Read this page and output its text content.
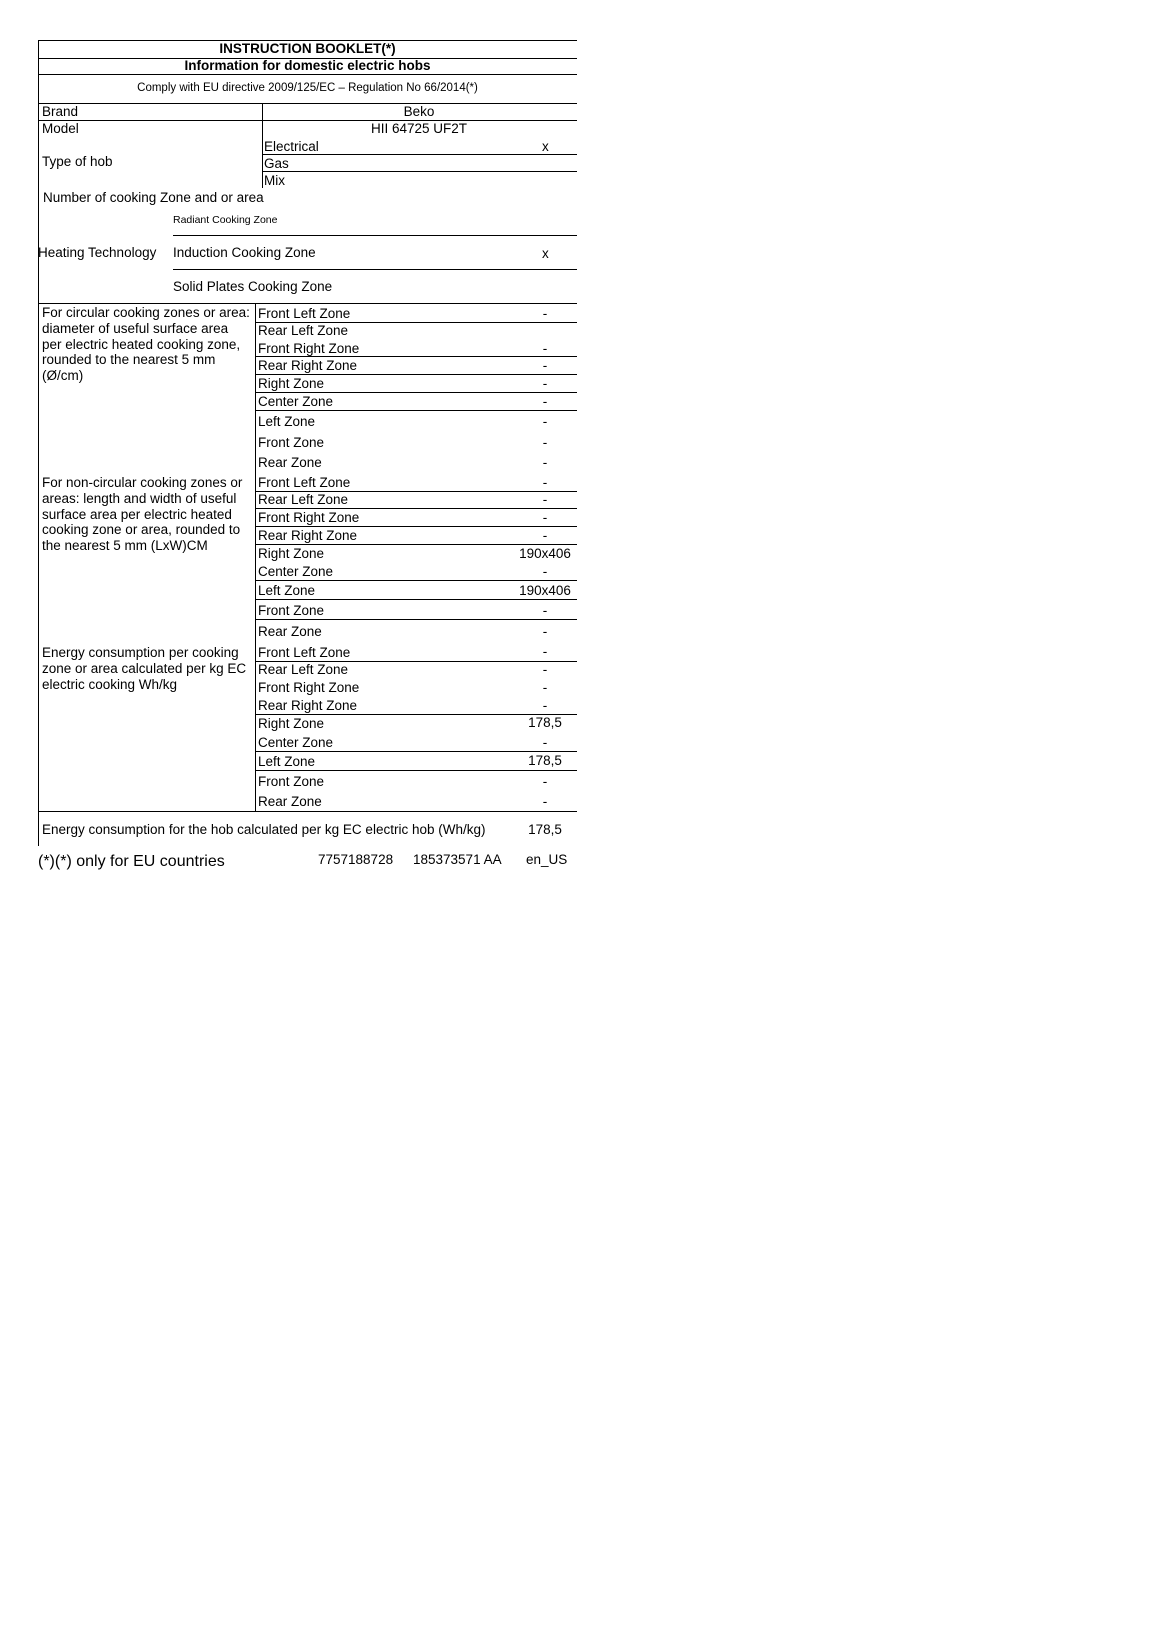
INSTRUCTION BOOKLET(*)
Information for domestic electric hobs
Comply with EU directive 2009/125/EC – Regulation No 66/2014(*)
Brand	Beko
Model	HII 64725 UF2T
Type of hob
Electrical	x
Gas
Mix
Number of cooking Zone and or area
Radiant Cooking Zone
Heating Technology Induction Cooking Zone	x
Solid Plates Cooking Zone
For circular cooking zones or area: diameter of useful surface area per electric heated cooking zone, rounded to the nearest 5 mm (Ø/cm)
Front Left Zone	-
Rear Left Zone
Front Right Zone	-
Rear Right Zone	-
Right Zone	-
Center Zone	-
Left Zone	-
Front Zone	-
Rear Zone	-
For non-circular cooking zones or areas: length and width of useful surface area per electric heated cooking zone or area, rounded to the nearest 5 mm (LxW)CM
Front Left Zone	-
Rear Left Zone	-
Front Right Zone	-
Rear Right Zone	-
Right Zone	190x406
Center Zone	-
Left Zone	190x406
Front Zone	-
Rear Zone	-
Energy consumption per cooking zone or area calculated per kg EC electric cooking Wh/kg
Front Left Zone	-
Rear Left Zone	-
Front Right Zone	-
Rear Right Zone	-
Right Zone	178,5
Center Zone	-
Left Zone	178,5
Front Zone	-
Rear Zone	-
Energy consumption for the hob calculated per kg EC electric hob (Wh/kg)	178,5
(*)(*) only for EU countries	7757188728 185373571 AA en_US
